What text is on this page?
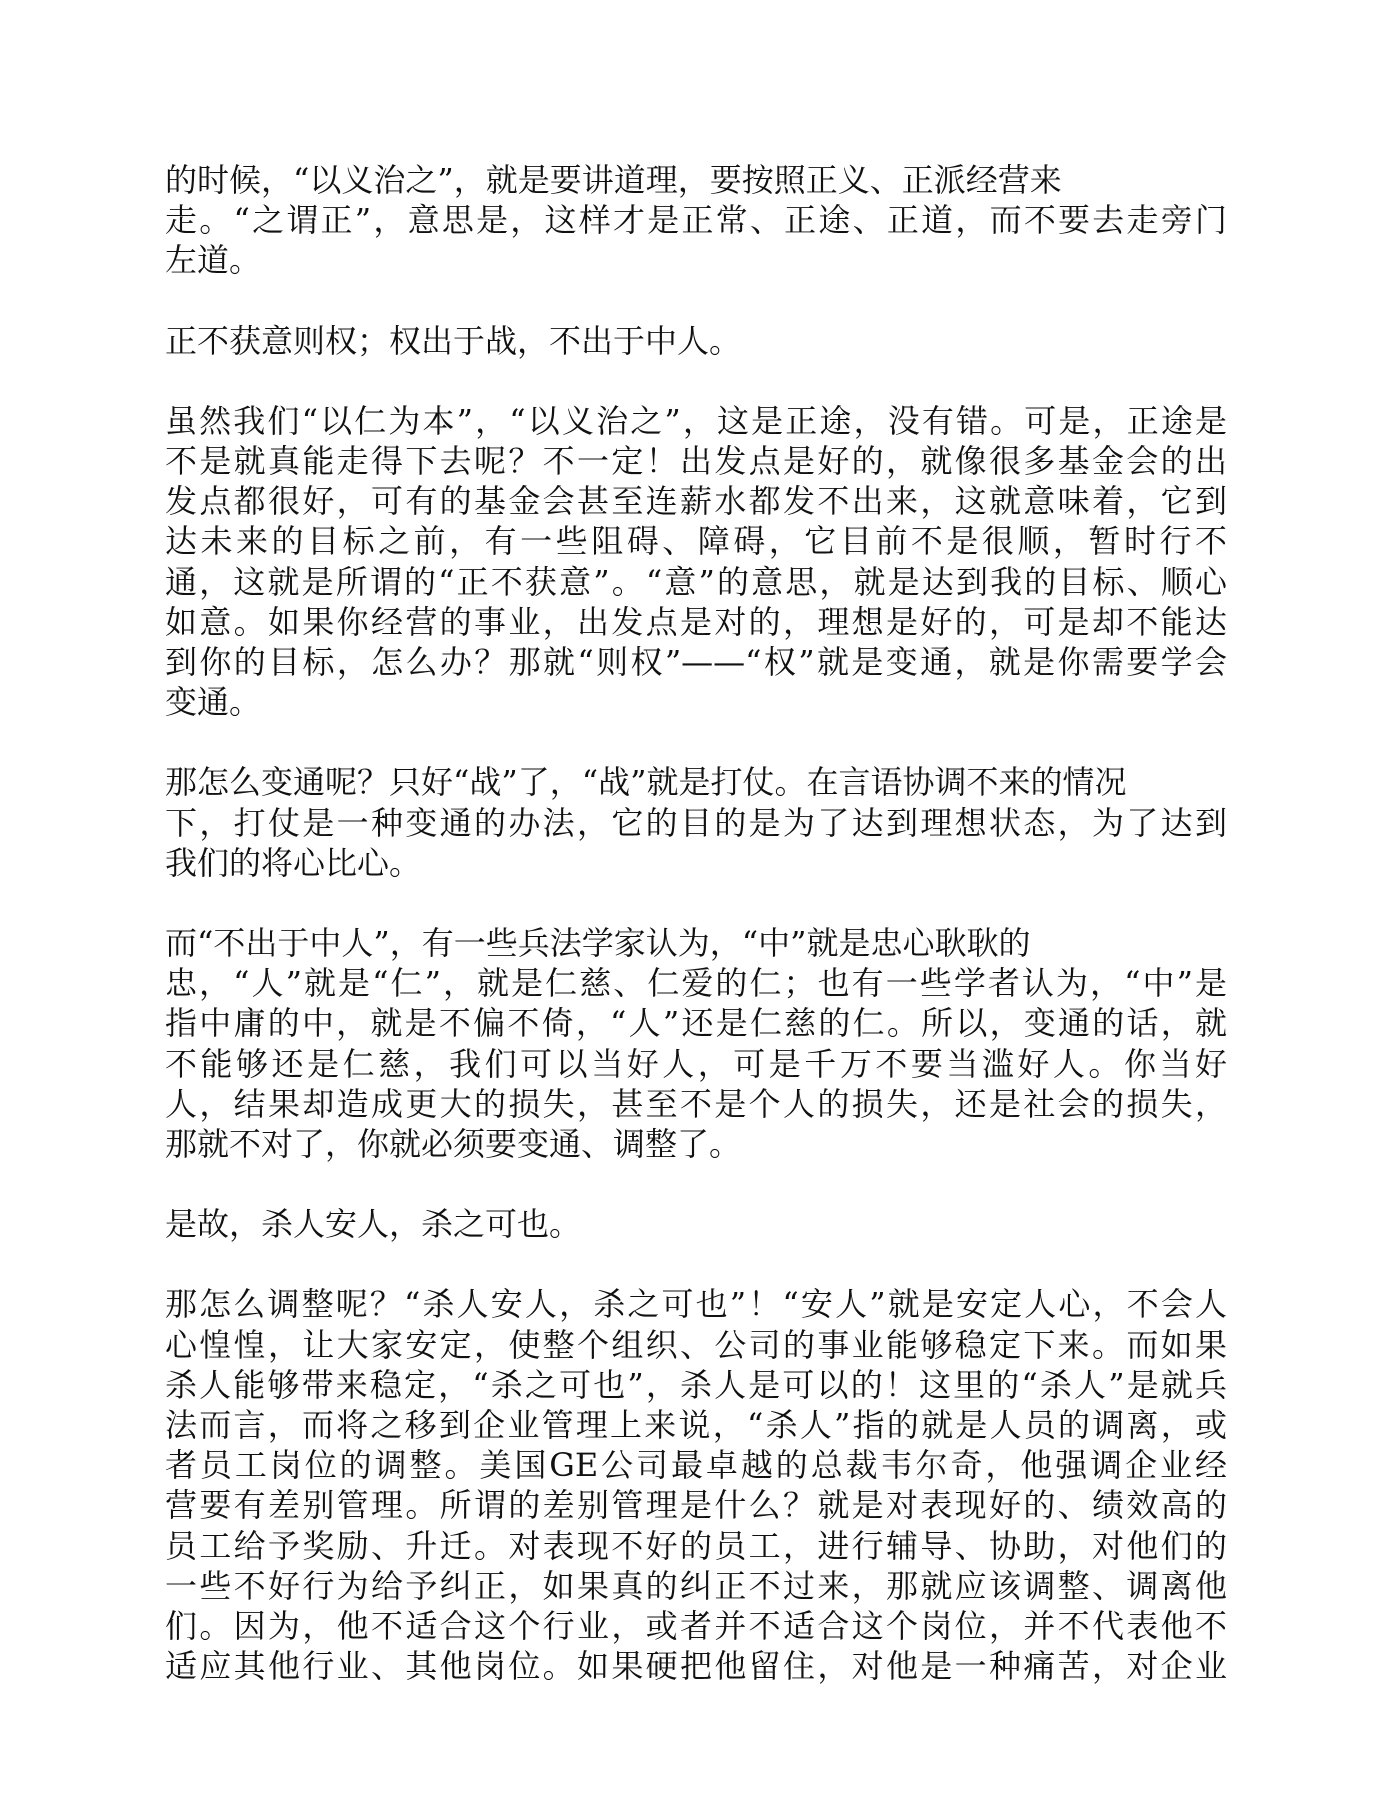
的时候，“以义治之”，就是要讲道理，要按照正义、正派经营来
走。“之谓正”，意思是，这样才是正常、正途、正道，而不要去走旁门
左道。
正不获意则权；权出于战，不出于中人。
虽然我们“以仁为本”，“以义治之”，这是正途，没有错。可是，正途是
不是就真能走得下去呢？不一定！出发点是好的，就像很多基金会的出
发点都很好，可有的基金会甚至连薪水都发不出来，这就意味着，它到
达未来的目标之前，有一些阻碍、障碍，它目前不是很顺，暂时行不
通，这就是所谓的“正不获意”。“意”的意思，就是达到我的目标、顺心
如意。如果你经营的事业，出发点是对的，理想是好的，可是却不能达
到你的目标，怎么办？那就“则权”——“权”就是变通，就是你需要学会
变通。
那怎么变通呢？只好“战”了，“战”就是打仗。在言语协调不来的情况
下，打仗是一种变通的办法，它的目的是为了达到理想状态，为了达到
我们的将心比心。
而“不出于中人”，有一些兵法学家认为，“中”就是忠心耿耿的
忠，“人”就是“仁”，就是仁慈、仁爱的仁；也有一些学者认为，“中”是
指中庸的中，就是不偏不倚，“人”还是仁慈的仁。所以，变通的话，就
不能够还是仁慈，我们可以当好人，可是千万不要当滥好人。你当好
人，结果却造成更大的损失，甚至不是个人的损失，还是社会的损失，
那就不对了，你就必须要变通、调整了。
是故，杀人安人，杀之可也。
那怎么调整呢？“杀人安人，杀之可也”！“安人”就是安定人心，不会人
心惶惶，让大家安定，使整个组织、公司的事业能够稳定下来。而如果
杀人能够带来稳定，“杀之可也”，杀人是可以的！这里的“杀人”是就兵
法而言，而将之移到企业管理上来说，“杀人”指的就是人员的调离，或
者员工岗位的调整。美国GE公司最卓越的总裁韦尔奇，他强调企业经
营要有差别管理。所谓的差别管理是什么？就是对表现好的、绩效高的
员工给予奖励、升迁。对表现不好的员工，进行辅导、协助，对他们的
一些不好行为给予纠正，如果真的纠正不过来，那就应该调整、调离他
们。因为，他不适合这个行业，或者并不适合这个岗位，并不代表他不
适应其他行业、其他岗位。如果硬把他留住，对他是一种痛苦，对企业
